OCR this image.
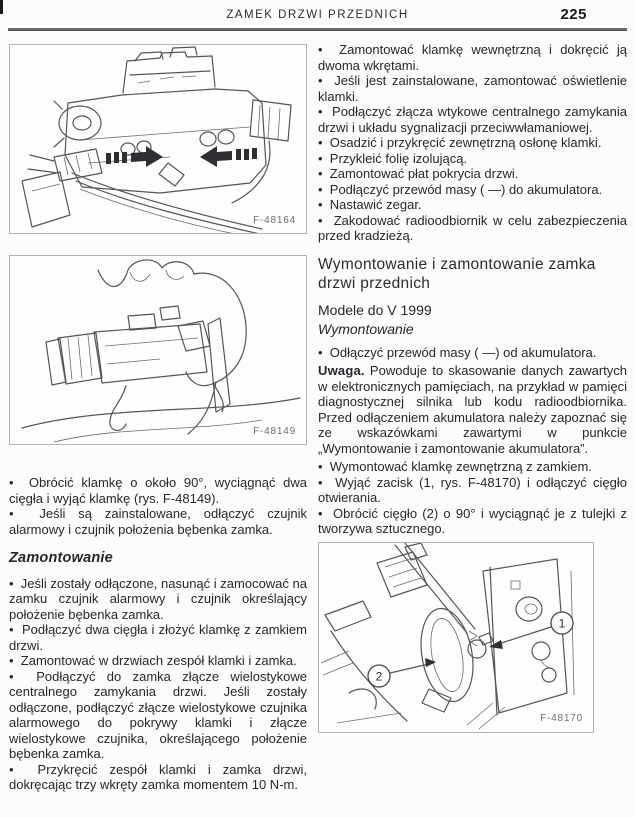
ZAMEK DRZWI PRZEDNICH	225
F-48164
F-48149

•  Obrócić klamkę o około 90°, wyciągnąć dwa cięgła i wyjąć klamkę (rys. F-48149).

•  Jeśli są zainstalowane, odłączyć czujnik alarmowy i czujnik położenia bębenka zamka.

Zamontowanie

•  Jeśli zostały odłączone, nasunąć i zamocować na zamku czujnik alarmowy i czujnik określający położenie bębenka zamka.

•  Podłączyć dwa cięgła i złożyć klamkę z zamkiem drzwi.

•  Zamontować w drzwiach zespół klamki i zamka.

•  Podłączyć do zamka złącze wielostykowe centralnego zamykania drzwi. Jeśli zostały odłączone, podłączyć złącze wielostykowe czujnika alarmowego do pokrywy klamki i złącze wielostykowe czujnika, określającego położenie bębenka zamka.

•  Przykręcić zespół klamki i zamka drzwi, dokręcając trzy wkręty zamka momentem 10 N-m.

•  Zamontować klamkę wewnętrzną i dokręcić ją dwoma wkrętami.

•  Jeśli jest zainstalowane, zamontować oświetlenie klamki.

•  Podłączyć złącza wtykowe centralnego zamykania drzwi i układu sygnalizacji przeciwwłamaniowej.

•  Osadzić i przykręcić zewnętrzną osłonę klamki.

•  Przykleić folię izolującą.

•  Zamontować płat pokrycia drzwi.

•  Podłączyć przewód masy ( —) do akumulatora.

•  Nastawić zegar.

•  Zakodować radioodbiornik w celu zabezpieczenia przed kradzieżą.

Wymontowanie i zamontowanie zamka drzwi przednich
Modele do V 1999
Wymontowanie

•  Odłączyć przewód masy ( —) od akumulatora.

Uwaga. Powoduje to skasowanie danych zawartych w elektronicznych pamięciach, na przykład w pamięci diagnostycznej silnika lub kodu radioodbiornika. Przed odłączeniem akumulatora należy zapoznać się ze wskazówkami zawartymi w punkcie „Wymontowanie i zamontowanie akumulatora”.

•  Wymontować klamkę zewnętrzną z zamkiem.

•  Wyjąć zacisk (1, rys. F-48170) i odłączyć cięgło otwierania.

•  Obrócić cięgło (2) o 90° i wyciągnąć je z tulejki z tworzywa sztucznego.

1
2
F-48170
